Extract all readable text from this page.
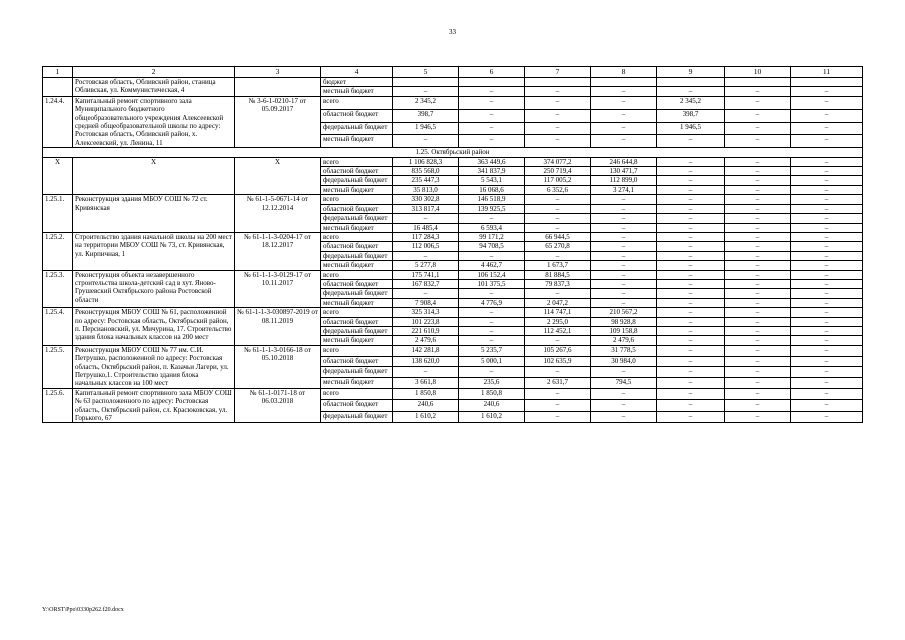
33
1	2	3	4	5	6	7	8	9	10	11
	Ростовская область, Обливский район, станица Обливская, ул. Коммунистическая, 4		бюджет							
			местный бюджет	–	–	–	–	–	–	–
1.24.4.	Капитальный ремонт спортивного зала Муниципального бюджетного общеобразовательного учреждения Алексеевской средней общеобразовательной школы по адресу: Ростовская область, Обливский район, х. Алексеевский, ул. Ленина, 11	№ 3-6-1-0210-17 от 05.09.2017	всего	2 345,2	–	–	–	2 345,2	–	–
			областной бюджет	398,7	–	–	–	398,7	–	–
			федеральный бюджет	1 946,5	–	–	–	1 946,5	–	–
			местный бюджет	–	–	–	–	–	–	–
1.25. Октябрьский район										
Х	Х	Х	всего	1 106 828,3	363 449,6	374 077,2	246 644,8	–	–	–
			областной бюджет	835 568,0	341 837,9	250 719,4	130 471,7	–	–	–
			федеральный бюджет	235 447,3	5 543,1	117 005,2	112 899,0	–	–	–
			местный бюджет	35 813,0	16 068,6	6 352,6	3 274,1	–	–	–
1.25.1.	Реконструкция здания МБОУ СОШ № 72 ст. Кривянская	№ 61-1-5-0671-14 от 12.12.2014	всего	330 302,8	146 518,9	–	–	–	–	–
			областной бюджет	313 817,4	139 925,5	–	–	–	–	–
			федеральный бюджет	–	–	–	–	–	–	–
			местный бюджет	16 485,4	6 593,4	–	–	–	–	–
1.25.2.	Строительство здания начальной школы на 200 мест на территории МБОУ СОШ № 73, ст. Кривянская, ул. Кирпичная, 1	№ 61-1-1-3-0204-17 от 18.12.2017	всего	117 284,3	99 171,2	66 944,5	–	–	–	–
			областной бюджет	112 006,5	94 708,5	65 270,8	–	–	–	–
			федеральный бюджет	–	–	–	–	–	–	–
			местный бюджет	5 277,8	4 462,7	1 673,7	–	–	–	–
1.25.3.	Реконструкция объекта незавершенного строительства школа-детский сад в хут. Яново-Грушевский Октябрьского района Ростовской области	№ 61-1-1-3-0129-17 от 10.11.2017	всего	175 741,1	106 152,4	81 884,5	–	–	–	–
			областной бюджет	167 832,7	101 375,5	79 837,3	–	–	–	–
			федеральный бюджет	–	–	–	–	–	–	–
			местный бюджет	7 908,4	4 776,9	2 047,2	–	–	–	–
1.25.4.	Реконструкция МБОУ СОШ № 61, расположенной по адресу: Ростовская область, Октябрьский район, п. Персиановский, ул. Мичурина, 17. Строительство здания блока начальных классов на 200 мест	№ 61-1-1-3-030897-2019 от 08.11.2019	всего	325 314,3	–	114 747,1	210 567,2	–	–	–
			областной бюджет	101 223,8	–	2 295,0	98 928,8	–	–	–
			федеральный бюджет	221 610,9	–	112 452,1	109 158,8	–	–	–
			местный бюджет	2 479,6	–	–	2 479,6	–	–	–
1.25.5.	Реконструкция МБОУ СОШ № 77 им. С.И. Петрушко, расположенной по адресу: Ростовская область, Октябрьский район, п. Казачьи Лагери, ул. Петрушко,1. Строительство здания блока начальных классов на 100 мест	№ 61-1-1-3-0166-18 от 05.10.2018	всего	142 281,8	5 235,7	105 267,6	31 778,5	–	–	–
			областной бюджет	138 620,0	5 000,1	102 635,9	30 984,0	–	–	–
			федеральный бюджет	–	–	–	–	–	–	–
			местный бюджет	3 661,8	235,6	2 631,7	794,5	–	–	–
1.25.6.	Капитальный ремонт спортивного зала МБОУ СОШ № 63 расположенного по адресу: Ростовская область, Октябрьский район, сл. Красюковская, ул. Горького, 67	№ 61-1-0171-18 от 06.03.2018	всего	1 850,8	1 850,8	–	–	–	–	–
			областной бюджет	240,6	240,6	–	–	–	–	–
			федеральный бюджет	1 610,2	1 610,2	–	–	–	–	–
Y:\ORST\Ppo\0330p262.f20.docx
